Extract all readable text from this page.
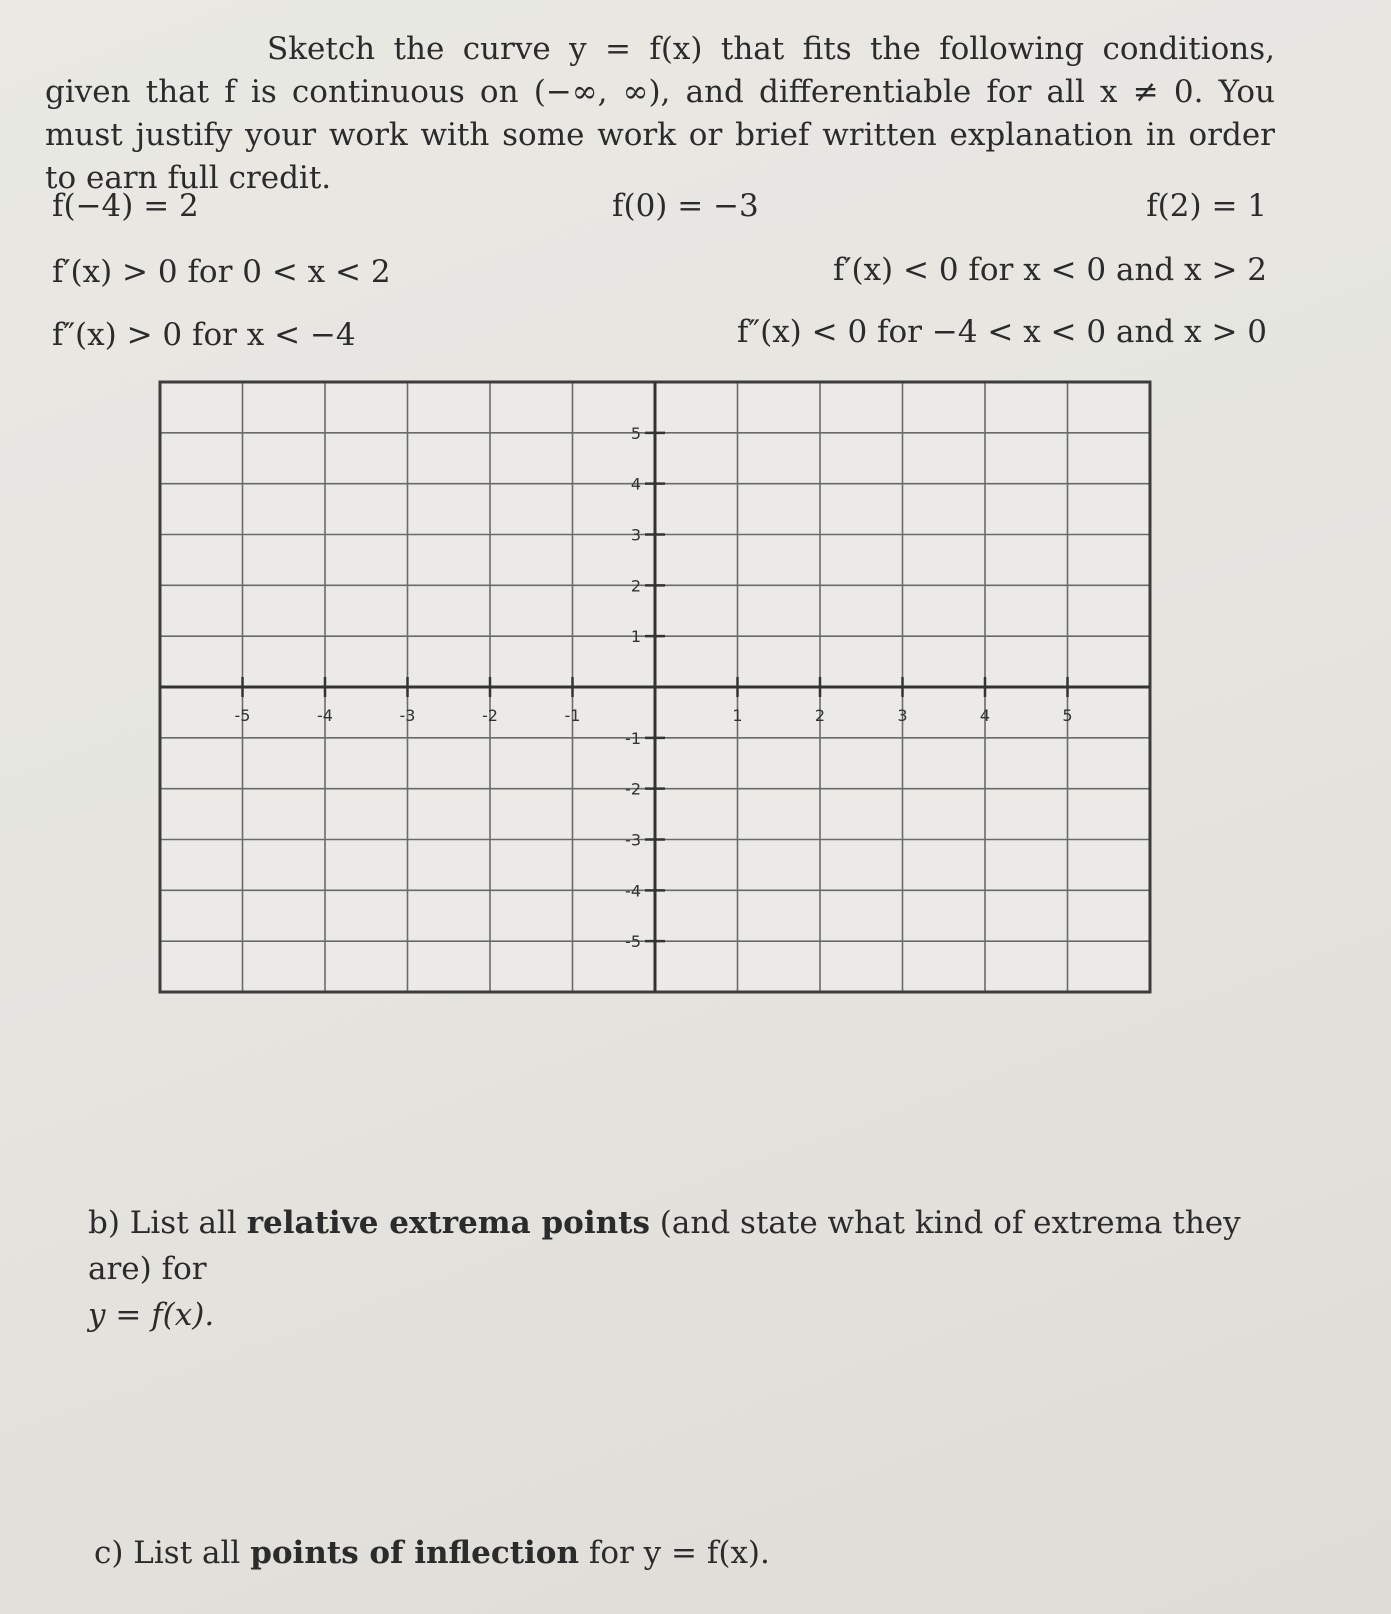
Sketch the curve y = f(x) that fits the following conditions, given that f is continuous on (−∞, ∞), and differentiable for all x ≠ 0. You must justify your work with some work or brief written explanation in order to earn full credit.

f(−4) = 2	f(0) = −3	f(2) = 1
f′(x) > 0 for 0 < x < 2	f′(x) < 0 for x < 0 and x > 2
f″(x) > 0 for x < −4	f″(x) < 0 for −4 < x < 0 and x > 0
-5	-4	-3	-2	-1	1	2	3	4	5
5
4
3
2
1
-1
-2
-3
-4
-5

b) List all relative extrema points (and state what kind of extrema they are) for
y = f(x).

c) List all points of inflection for y = f(x).
